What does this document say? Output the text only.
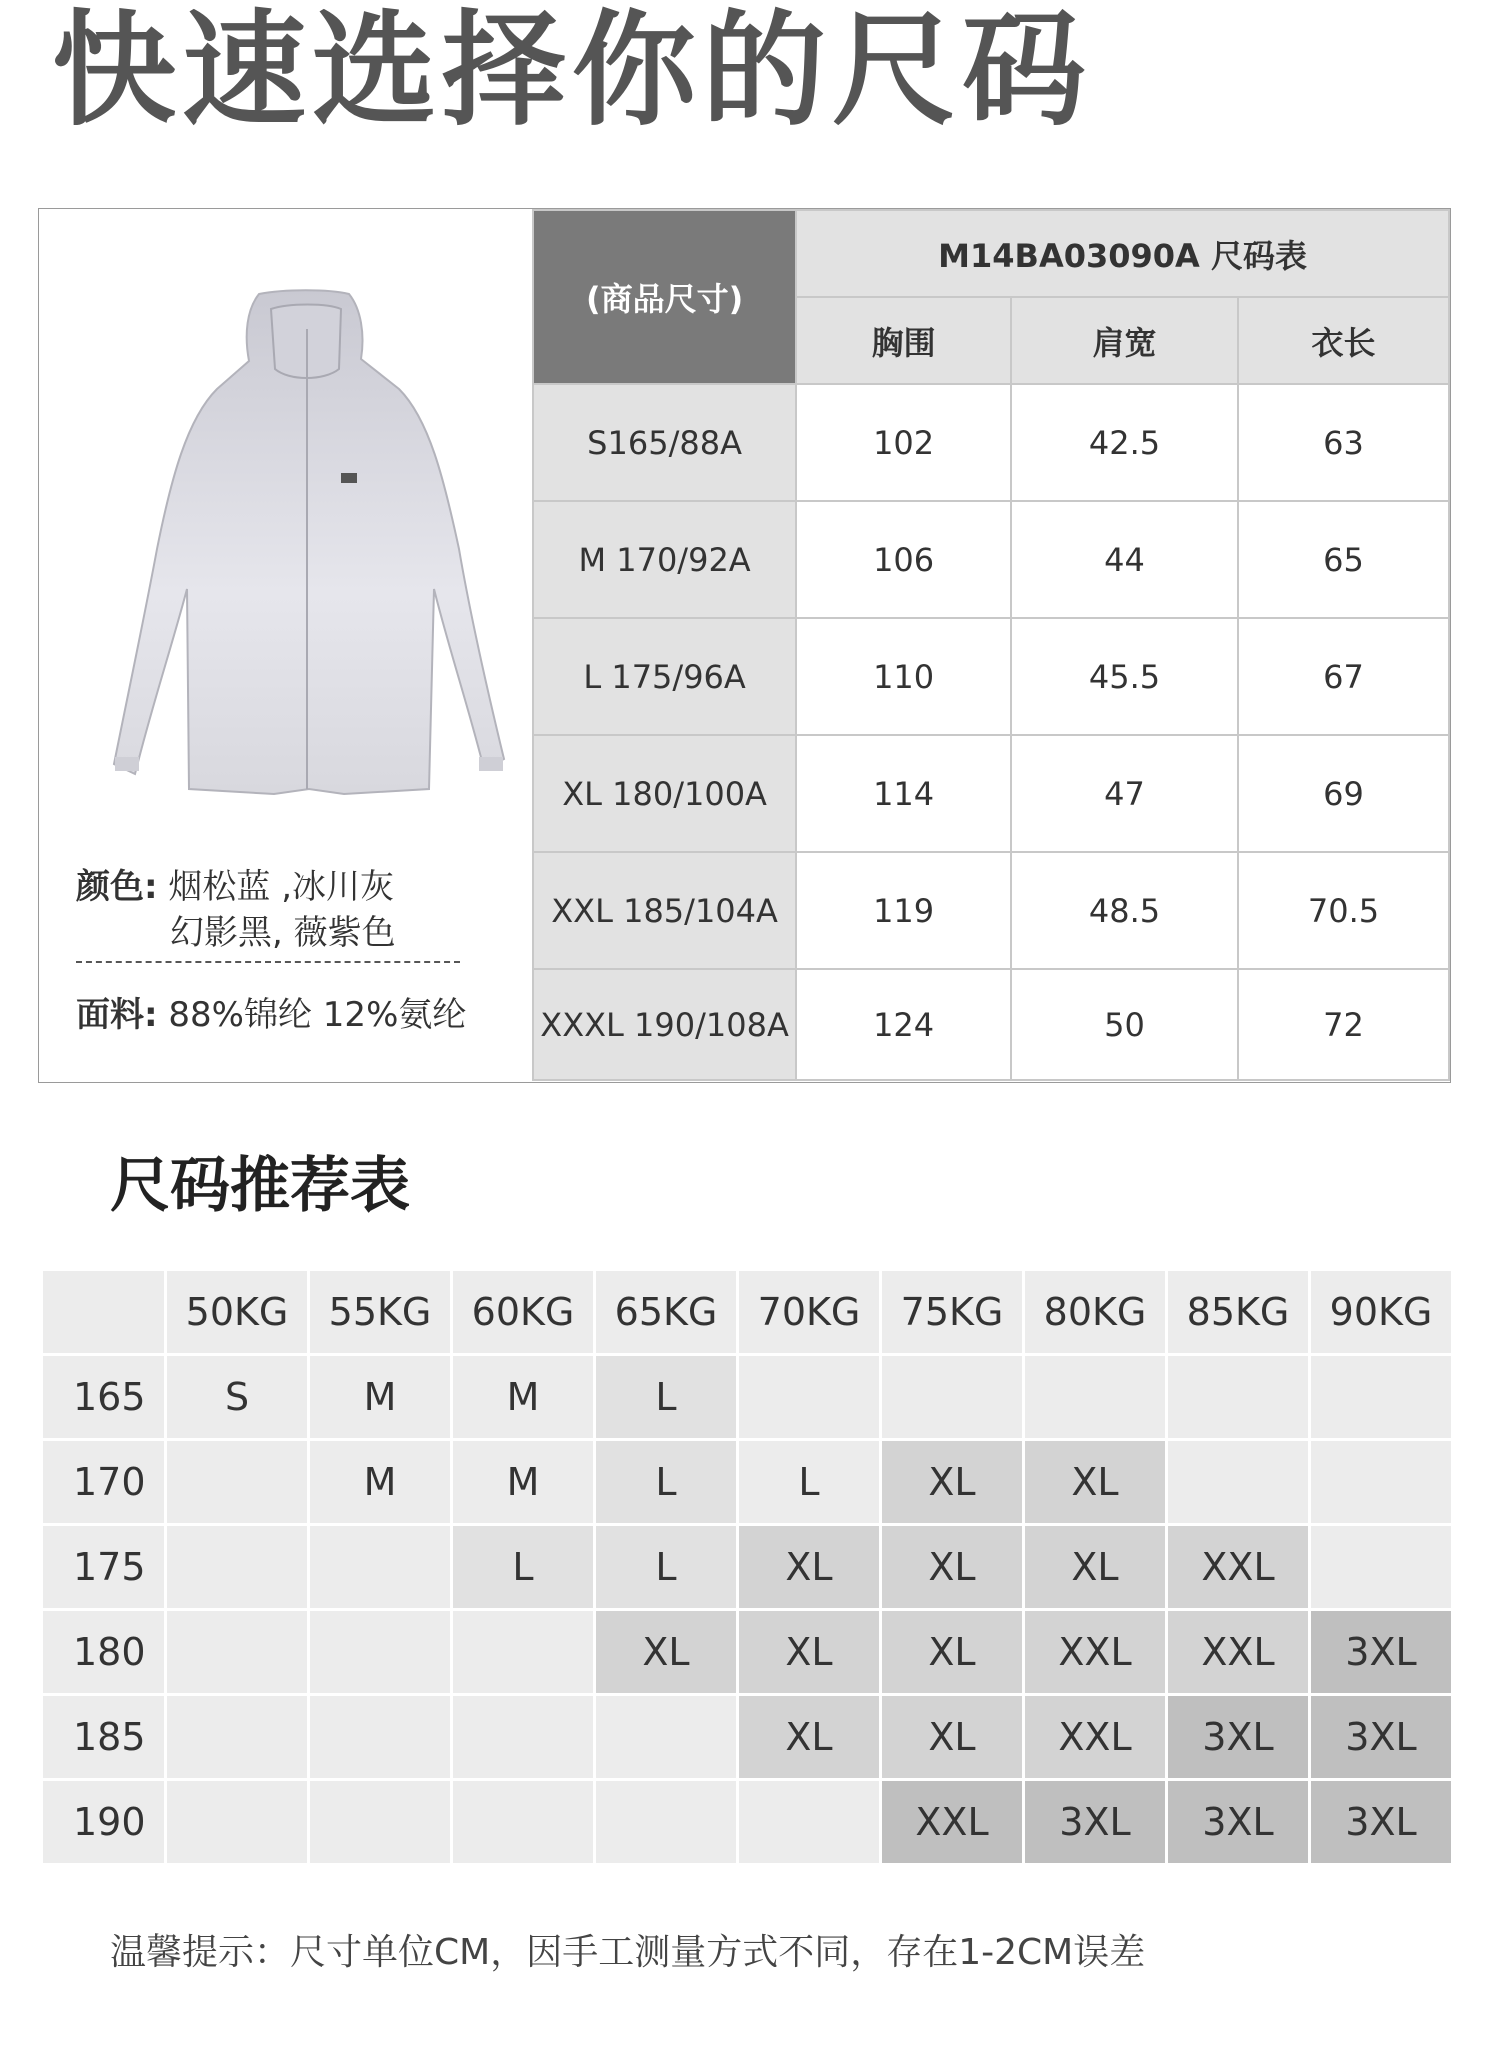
快速选择你的尺码
颜色: 烟松蓝 ,冰川灰
幻影黑, 薇紫色
面料: 88%锦纶 12%氨纶
(商品尺寸)	M14BA03090A 尺码表		
	胸围	肩宽	衣长
S165/88A	102	42.5	63
M 170/92A	106	44	65
L 175/96A	110	45.5	67
XL 180/100A	114	47	69
XXL 185/104A	119	48.5	70.5
XXXL 190/108A	124	50	72
尺码推荐表
	50KG	55KG	60KG	65KG	70KG	75KG	80KG	85KG	90KG
165	S	M	M	L					
170		M	M	L	L	XL	XL		
175			L	L	XL	XL	XL	XXL	
180				XL	XL	XL	XXL	XXL	3XL
185					XL	XL	XXL	3XL	3XL
190						XXL	3XL	3XL	3XL
温馨提示：尺寸单位CM，因手工测量方式不同，存在1-2CM误差
